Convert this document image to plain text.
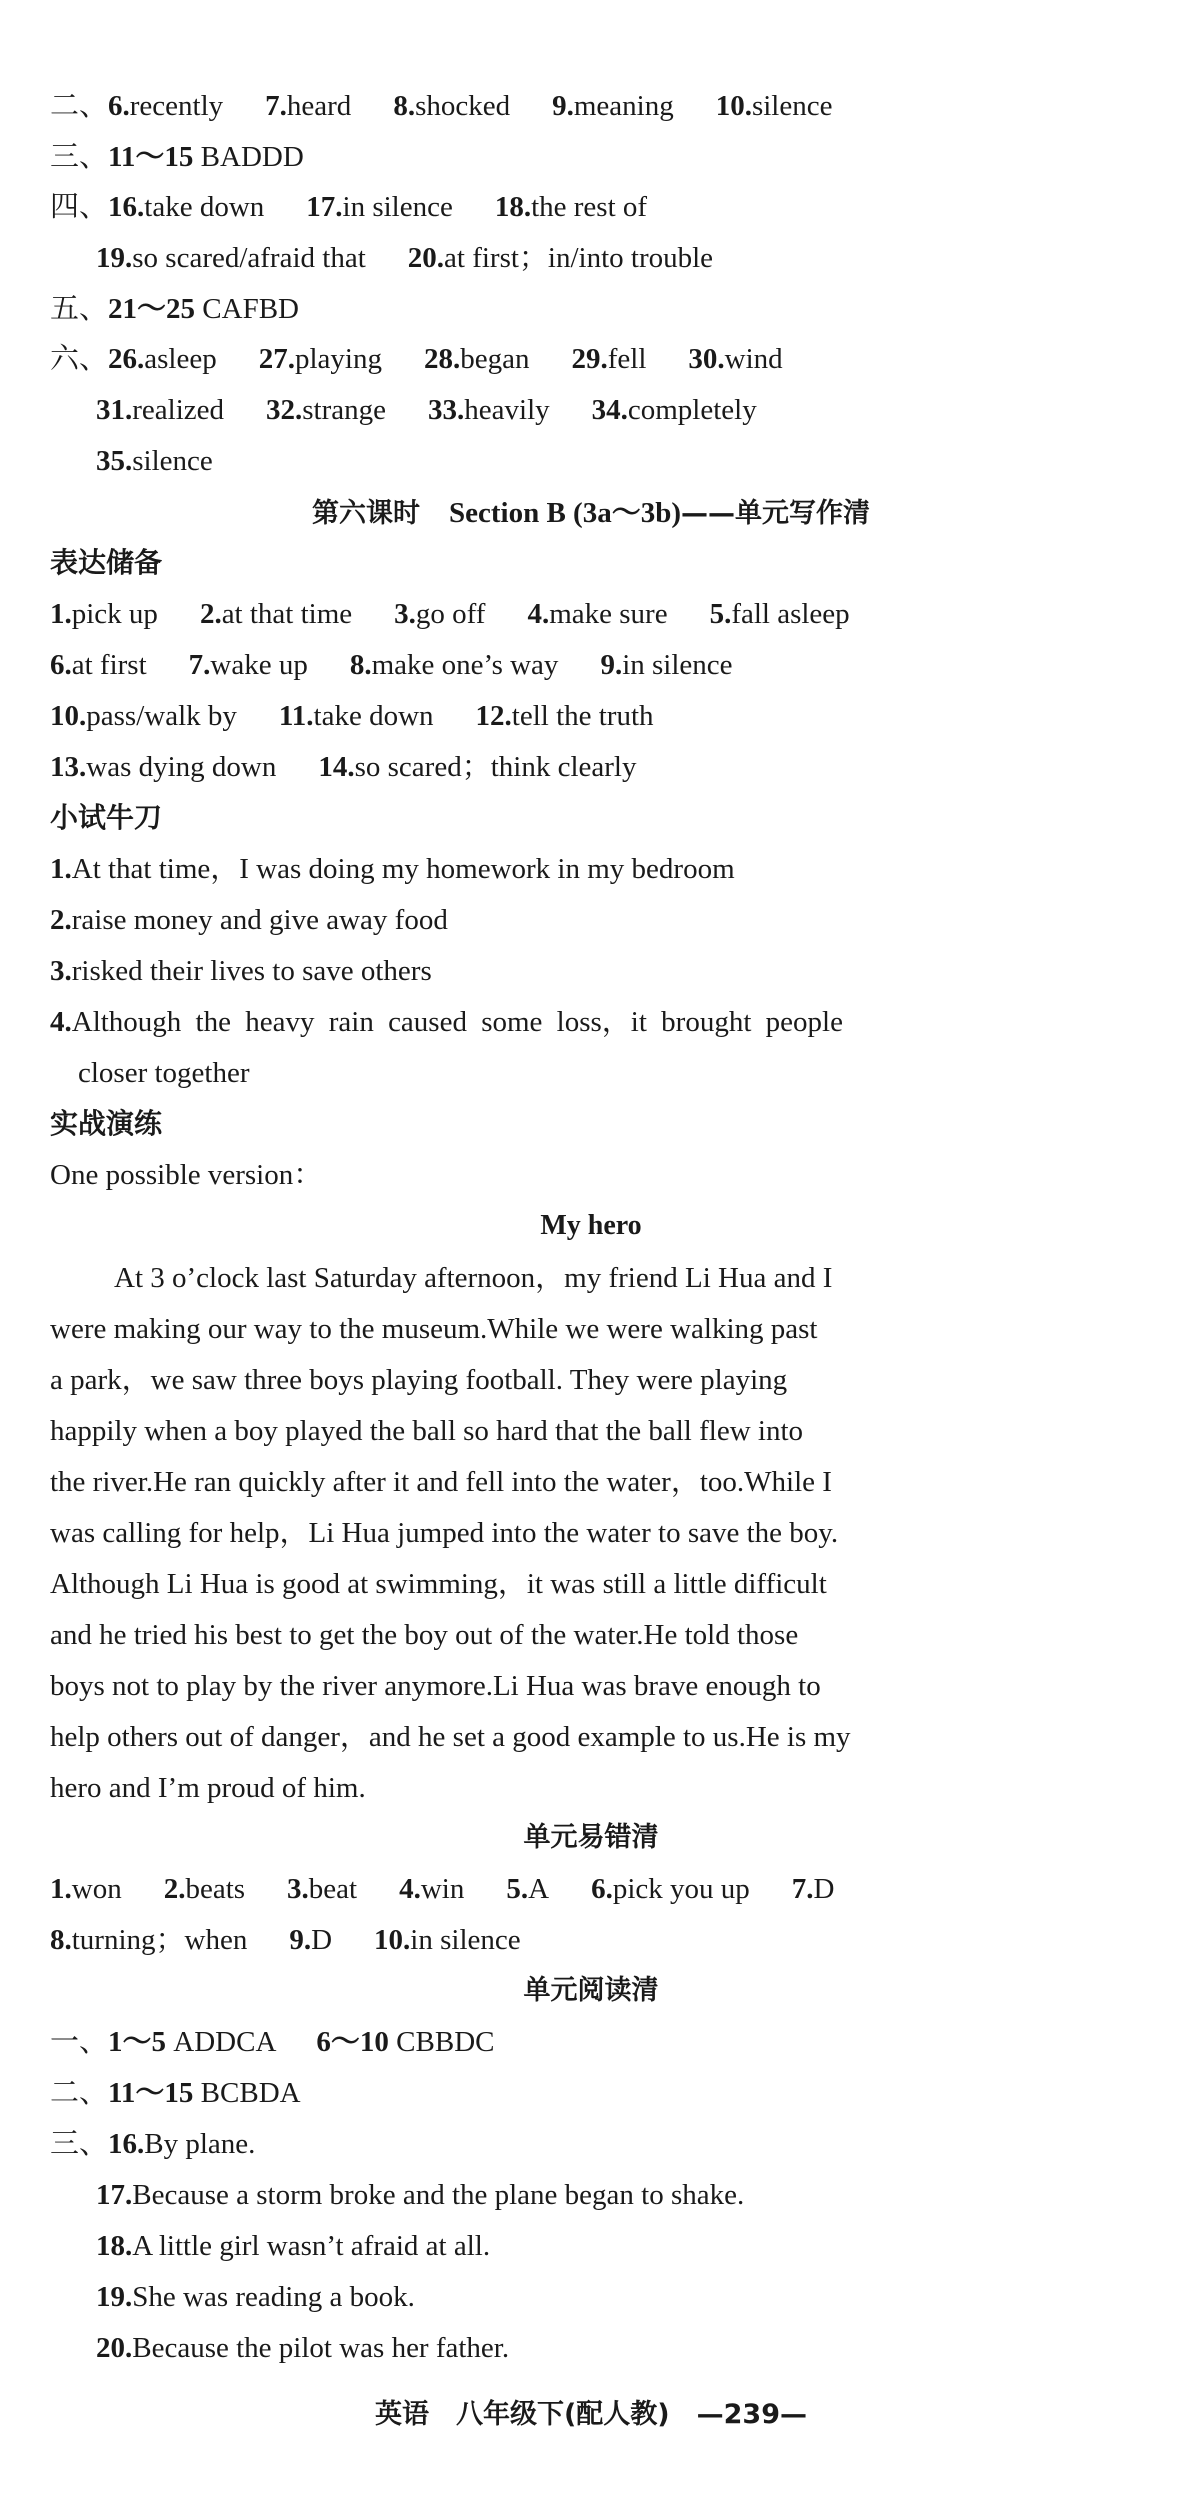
二、6.recently 7.heard 8.shocked 9.meaning 10.silence
三、11～15 BADDD
四、16.take down 17.in silence 18.the rest of
19.so scared/afraid that 20.at first；in/into trouble
五、21～25 CAFBD
六、26.asleep 27.playing 28.began 29.fell 30.wind
31.realized 32.strange 33.heavily 34.completely
35.silence
第六课时 Section B (3a～3b)——单元写作清
表达储备
1.pick up 2.at that time 3.go off 4.make sure 5.fall asleep
6.at first 7.wake up 8.make one’s way 9.in silence
10.pass/walk by 11.take down 12.tell the truth
13.was dying down 14.so scared；think clearly
小试牛刀
1.At that time，I was doing my homework in my bedroom
2.raise money and give away food
3.risked their lives to save others
4.Although the heavy rain caused some loss，it brought people
closer together
实战演练
One possible version：
My hero
At 3 o’clock last Saturday afternoon，my friend Li Hua and I
were making our way to the museum.While we were walking past
a park，we saw three boys playing football. They were playing
happily when a boy played the ball so hard that the ball flew into
the river.He ran quickly after it and fell into the water，too.While I
was calling for help，Li Hua jumped into the water to save the boy.
Although Li Hua is good at swimming，it was still a little difficult
and he tried his best to get the boy out of the water.He told those
boys not to play by the river anymore.Li Hua was brave enough to
help others out of danger，and he set a good example to us.He is my
hero and I’m proud of him.
单元易错清
1.won 2.beats 3.beat 4.win 5.A 6.pick you up 7.D
8.turning；when 9.D 10.in silence
单元阅读清
一、1～5 ADDCA 6～10 CBBDC
二、11～15 BCBDA
三、16.By plane.
17.Because a storm broke and the plane began to shake.
18.A little girl wasn’t afraid at all.
19.She was reading a book.
20.Because the pilot was her father.
英语　八年级下(配人教)　—239—
